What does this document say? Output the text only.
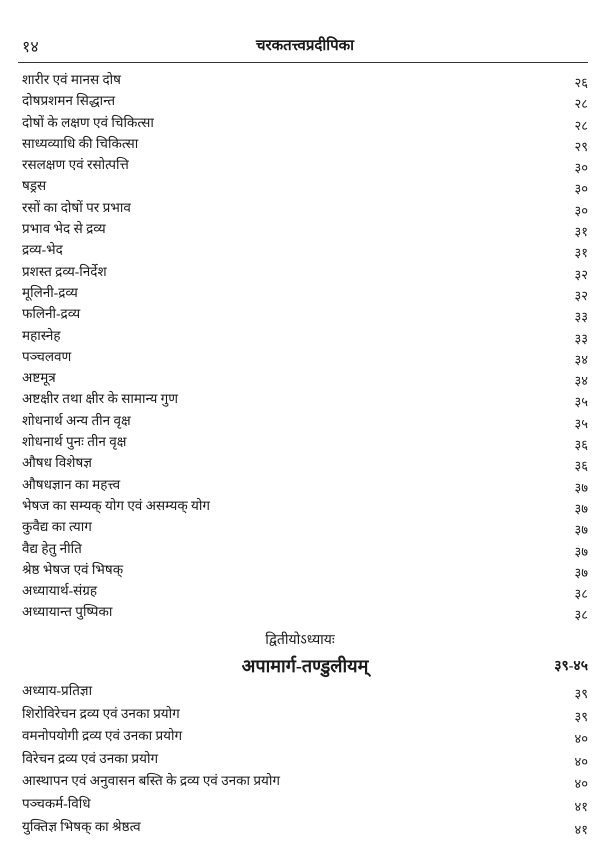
१४	चरकतत्त्वप्रदीपिका
शारीर एवं मानस दोष	२६
दोषप्रशमन सिद्धान्त	२८
दोषों के लक्षण एवं चिकित्सा	२८
साध्यव्याधि की चिकित्सा	२९
रसलक्षण एवं रसोत्पत्ति	३०
षड्रस	३०
रसों का दोषों पर प्रभाव	३०
प्रभाव भेद से द्रव्य	३१
द्रव्य-भेद	३१
प्रशस्त द्रव्य-निर्देश	३२
मूलिनी-द्रव्य	३२
फलिनी-द्रव्य	३३
महास्नेह	३३
पञ्चलवण	३४
अष्टमूत्र	३४
अष्टक्षीर तथा क्षीर के सामान्य गुण	३५
शोधनार्थ अन्य तीन वृक्ष	३५
शोधनार्थ पुनः तीन वृक्ष	३६
औषध विशेषज्ञ	३६
औषधज्ञान का महत्त्व	३७
भेषज का सम्यक् योग एवं असम्यक् योग	३७
कुवैद्य का त्याग	३७
वैद्य हेतु नीति	३७
श्रेष्ठ भेषज एवं भिषक्	३७
अध्यायार्थ-संग्रह	३८
अध्यायान्त पुष्पिका	३८
द्वितीयोऽध्यायः
अपामार्ग-तण्डुलीयम्	३९-४५
अध्याय-प्रतिज्ञा	३९
शिरोविरेचन द्रव्य एवं उनका प्रयोग	३९
वमनोपयोगी द्रव्य एवं उनका प्रयोग	४०
विरेचन द्रव्य एवं उनका प्रयोग	४०
आस्थापन एवं अनुवासन बस्ति के द्रव्य एवं उनका प्रयोग	४०
पञ्चकर्म-विधि	४१
युक्तिज्ञ भिषक् का श्रेष्ठत्व	४१
